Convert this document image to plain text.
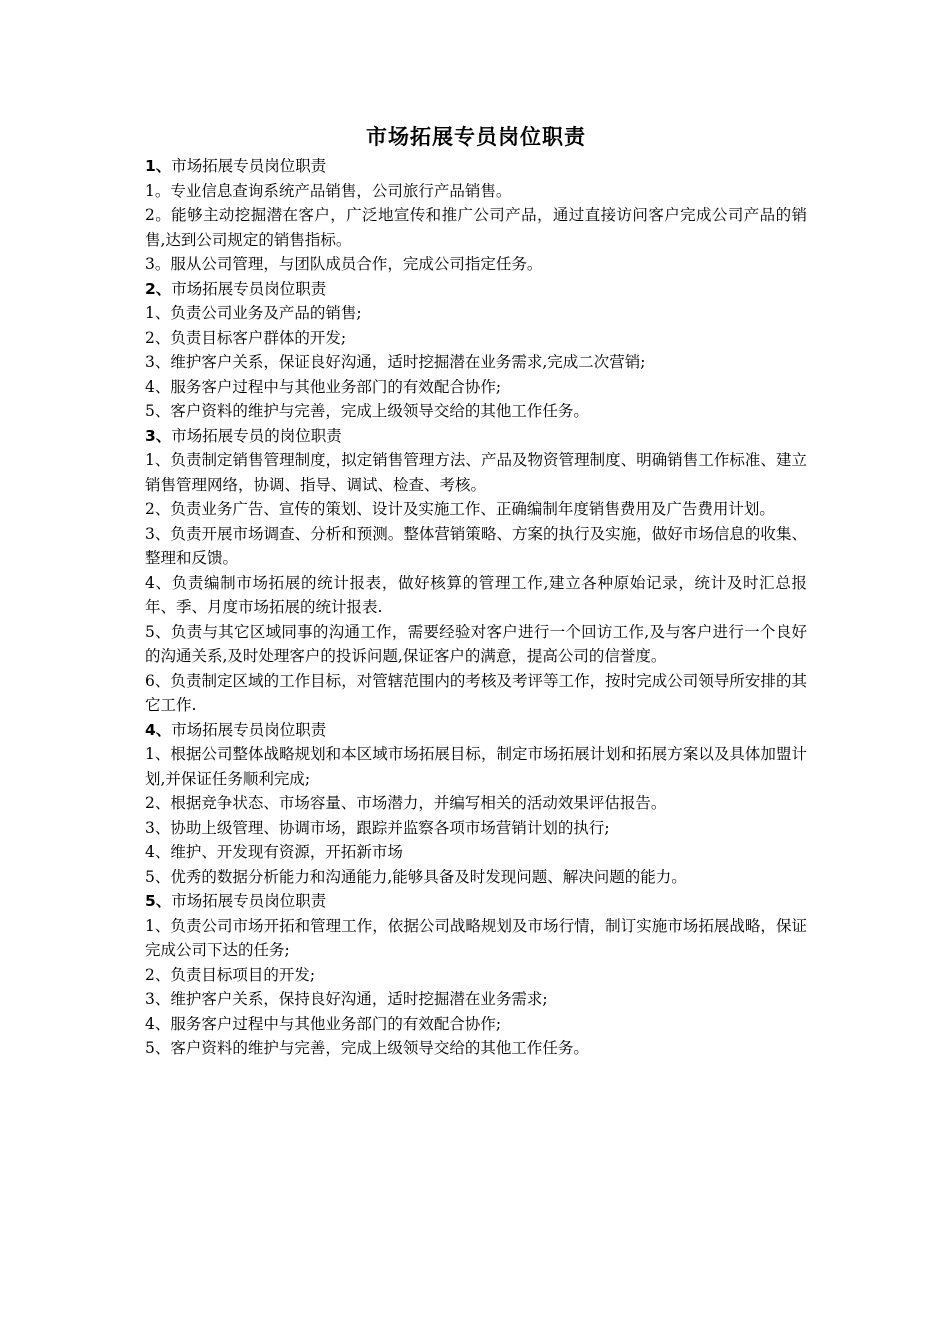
市场拓展专员岗位职责

1、市场拓展专员岗位职责

1。专业信息查询系统产品销售，公司旅行产品销售。

2。能够主动挖掘潜在客户，广泛地宣传和推广公司产品，通过直接访问客户完成公司产品的销售,达到公司规定的销售指标。

3。服从公司管理，与团队成员合作，完成公司指定任务。

2、市场拓展专员岗位职责

1、负责公司业务及产品的销售;

2、负责目标客户群体的开发;

3、维护客户关系，保证良好沟通，适时挖掘潜在业务需求,完成二次营销;

4、服务客户过程中与其他业务部门的有效配合协作;

5、客户资料的维护与完善，完成上级领导交给的其他工作任务。

3、市场拓展专员的岗位职责

1、负责制定销售管理制度，拟定销售管理方法、产品及物资管理制度、明确销售工作标准、建立销售管理网络，协调、指导、调试、检查、考核。

2、负责业务广告、宣传的策划、设计及实施工作、正确编制年度销售费用及广告费用计划。

3、负责开展市场调查、分析和预测。整体营销策略、方案的执行及实施，做好市场信息的收集、整理和反馈。

4、负责编制市场拓展的统计报表，做好核算的管理工作,建立各种原始记录，统计及时汇总报年、季、月度市场拓展的统计报表.

5、负责与其它区域同事的沟通工作，需要经验对客户进行一个回访工作,及与客户进行一个良好的沟通关系,及时处理客户的投诉问题,保证客户的满意，提高公司的信誉度。

6、负责制定区域的工作目标，对管辖范围内的考核及考评等工作，按时完成公司领导所安排的其它工作.

4、市场拓展专员岗位职责

1、根据公司整体战略规划和本区域市场拓展目标，制定市场拓展计划和拓展方案以及具体加盟计划,并保证任务顺利完成;

2、根据竞争状态、市场容量、市场潜力，并编写相关的活动效果评估报告。

3、协助上级管理、协调市场，跟踪并监察各项市场营销计划的执行;

4、维护、开发现有资源，开拓新市场

5、优秀的数据分析能力和沟通能力,能够具备及时发现问题、解决问题的能力。

5、市场拓展专员岗位职责

1、负责公司市场开拓和管理工作，依据公司战略规划及市场行情，制订实施市场拓展战略，保证完成公司下达的任务;

2、负责目标项目的开发;

3、维护客户关系，保持良好沟通，适时挖掘潜在业务需求;

4、服务客户过程中与其他业务部门的有效配合协作;

5、客户资料的维护与完善，完成上级领导交给的其他工作任务。
